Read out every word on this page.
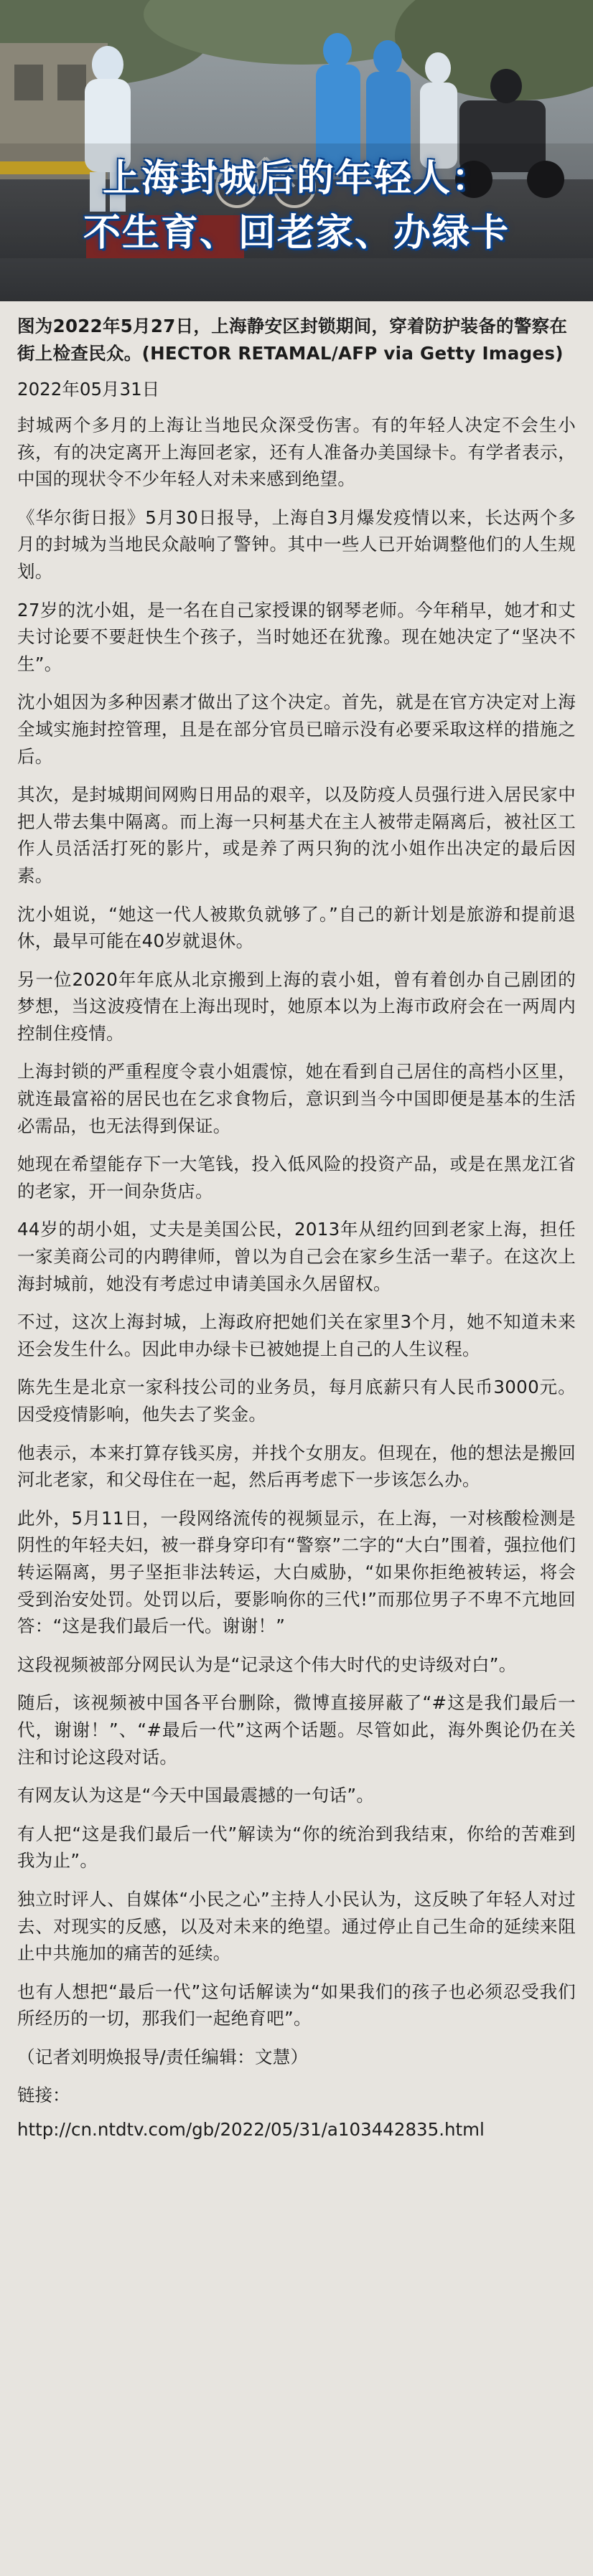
上海封城后的年轻人：
不生育、回老家、办绿卡

图为2022年5月27日，上海静安区封锁期间，穿着防护装备的警察在街上检查民众。(HECTOR RETAMAL/AFP via Getty Images)

2022年05月31日

封城两个多月的上海让当地民众深受伤害。有的年轻人决定不会生小孩，有的决定离开上海回老家，还有人准备办美国绿卡。有学者表示，中国的现状令不少年轻人对未来感到绝望。

《华尔街日报》5月30日报导，上海自3月爆发疫情以来，长达两个多月的封城为当地民众敲响了警钟。其中一些人已开始调整他们的人生规划。

27岁的沈小姐，是一名在自己家授课的钢琴老师。今年稍早，她才和丈夫讨论要不要赶快生个孩子，当时她还在犹豫。现在她决定了“坚决不生”。

沈小姐因为多种因素才做出了这个决定。首先，就是在官方决定对上海全域实施封控管理，且是在部分官员已暗示没有必要采取这样的措施之后。

其次，是封城期间网购日用品的艰辛，以及防疫人员强行进入居民家中把人带去集中隔离。而上海一只柯基犬在主人被带走隔离后，被社区工作人员活活打死的影片，或是养了两只狗的沈小姐作出决定的最后因素。

沈小姐说，“她这一代人被欺负就够了。”自己的新计划是旅游和提前退休，最早可能在40岁就退休。

另一位2020年年底从北京搬到上海的袁小姐，曾有着创办自己剧团的梦想，当这波疫情在上海出现时，她原本以为上海市政府会在一两周内控制住疫情。

上海封锁的严重程度令袁小姐震惊，她在看到自己居住的高档小区里，就连最富裕的居民也在乞求食物后，意识到当今中国即便是基本的生活必需品，也无法得到保证。

她现在希望能存下一大笔钱，投入低风险的投资产品，或是在黑龙江省的老家，开一间杂货店。

44岁的胡小姐，丈夫是美国公民，2013年从纽约回到老家上海，担任一家美商公司的内聘律师，曾以为自己会在家乡生活一辈子。在这次上海封城前，她没有考虑过申请美国永久居留权。

不过，这次上海封城，上海政府把她们关在家里3个月，她不知道未来还会发生什么。因此申办绿卡已被她提上自己的人生议程。

陈先生是北京一家科技公司的业务员，每月底薪只有人民币3000元。因受疫情影响，他失去了奖金。

他表示，本来打算存钱买房，并找个女朋友。但现在，他的想法是搬回河北老家，和父母住在一起，然后再考虑下一步该怎么办。

此外，5月11日，一段网络流传的视频显示，在上海，一对核酸检测是阴性的年轻夫妇，被一群身穿印有“警察”二字的“大白”围着，强拉他们转运隔离，男子坚拒非法转运，大白威胁，“如果你拒绝被转运，将会受到治安处罚。处罚以后，要影响你的三代!”而那位男子不卑不亢地回答：“这是我们最后一代。谢谢！”

这段视频被部分网民认为是“记录这个伟大时代的史诗级对白”。

随后，该视频被中国各平台删除，微博直接屏蔽了“#这是我们最后一代，谢谢！”、“#最后一代”这两个话题。尽管如此，海外舆论仍在关注和讨论这段对话。

有网友认为这是“今天中国最震撼的一句话”。

有人把“这是我们最后一代”解读为“你的统治到我结束，你给的苦难到我为止”。

独立时评人、自媒体“小民之心”主持人小民认为，这反映了年轻人对过去、对现实的反感，以及对未来的绝望。通过停止自己生命的延续来阻止中共施加的痛苦的延续。

也有人想把“最后一代”这句话解读为“如果我们的孩子也必须忍受我们所经历的一切，那我们一起绝育吧”。

（记者刘明焕报导/责任编辑：文慧）

链接：
http://cn.ntdtv.com/gb/2022/05/31/a103442835.html
